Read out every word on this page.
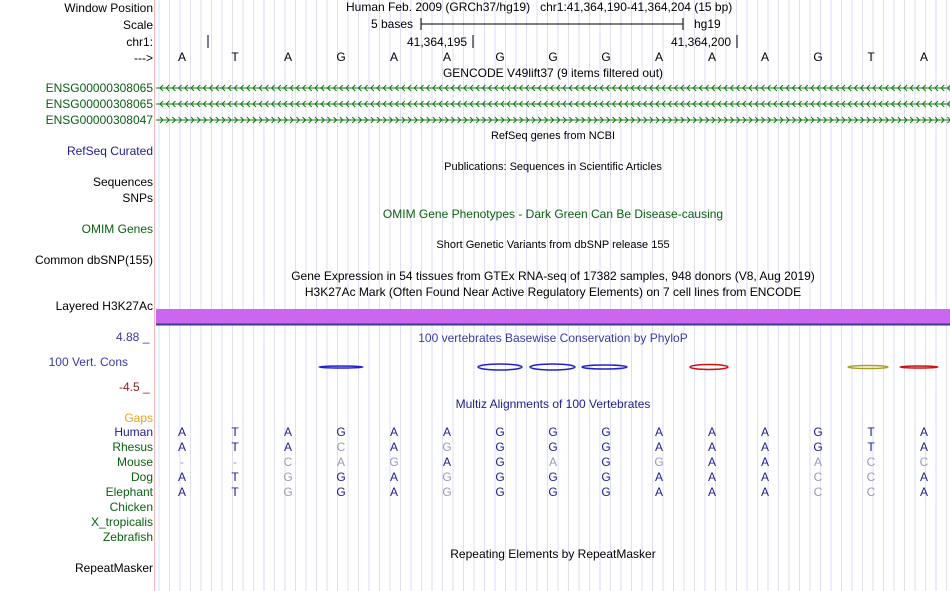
Window Position
Scale
chr1:
--->
Human Feb. 2009 (GRCh37/hg19) chr1:41,364,190-41,364,204 (15 bp)
5 bases	hg19
41,364,195	41,364,200
A	T	A	G	A	A	G	G	G	A	A	A	G	T	A
GENCODE V49lift37 (9 items filtered out)
ENSG00000308065
ENSG00000308065
ENSG00000308047
RefSeq genes from NCBI
RefSeq Curated
Publications: Sequences in Scientific Articles
Sequences
SNPs
OMIM Gene Phenotypes - Dark Green Can Be Disease-causing
OMIM Genes
Short Genetic Variants from dbSNP release 155
Common dbSNP(155)
Gene Expression in 54 tissues from GTEx RNA-seq of 17382 samples, 948 donors (V8, Aug 2019)
H3K27Ac Mark (Often Found Near Active Regulatory Elements) on 7 cell lines from ENCODE
Layered H3K27Ac
100 vertebrates Basewise Conservation by PhyloP
4.88 _
100 Vert. Cons
-4.5 _
Multiz Alignments of 100 Vertebrates
Gaps
Human	A	T	A	G	A	A	G	G	G	A	A	A	G	T	A
Rhesus	A	T	A	C	A	G	G	G	G	A	A	A	G	T	A
Mouse	-	-	C	A	G	A	G	A	G	G	A	A	A	C	C
Dog	A	T	G	G	A	G	G	G	G	A	A	A	C	C	A
Elephant	A	T	G	G	A	G	G	G	G	A	A	A	C	C	A
Chicken
X_tropicalis
Zebrafish
Repeating Elements by RepeatMasker
RepeatMasker
